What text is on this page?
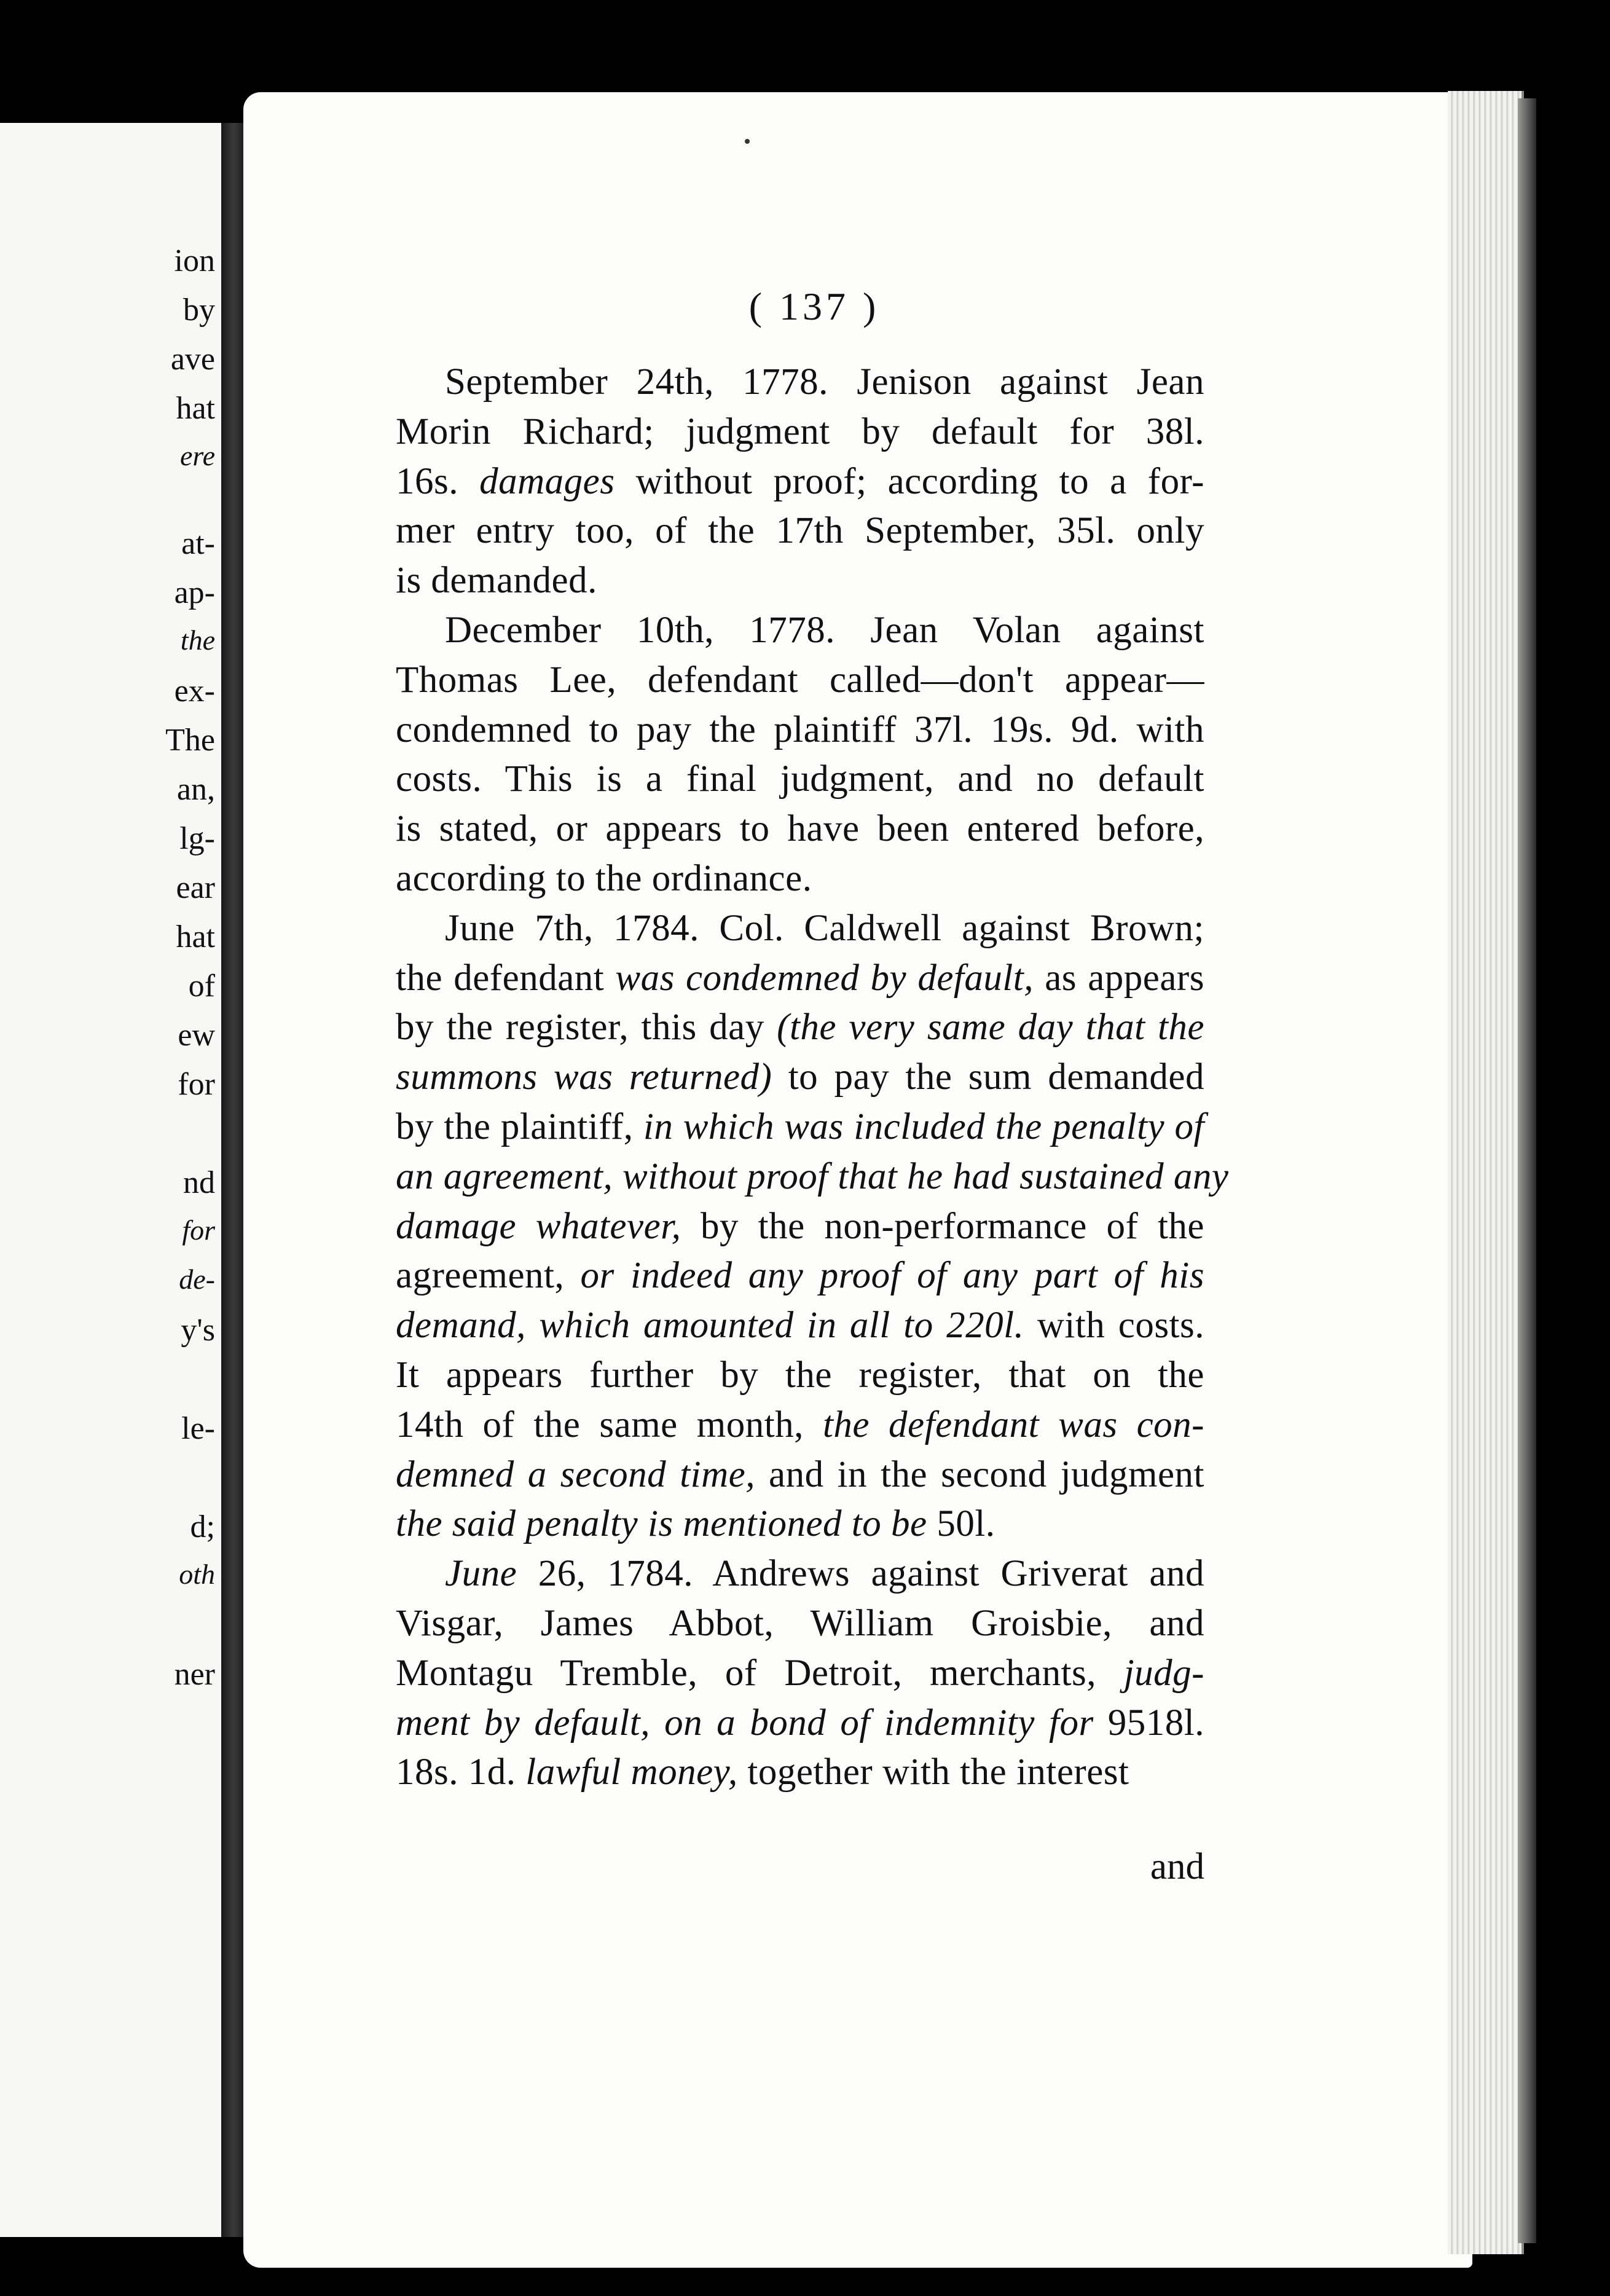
ion
by
ave
hat
ere
at-
ap-
the
ex-
The
an,
lg-
ear
hat
of
ew
for
nd
for
de-
y's
le-
d;
oth
ner
( 137 )
September 24th, 1778. Jenison against Jean
Morin Richard; judgment by default for 38l.
16s. damages without proof; according to a for-
mer entry too, of the 17th September, 35l. only
is demanded.
December 10th, 1778. Jean Volan against
Thomas Lee, defendant called—don't appear—
condemned to pay the plaintiff 37l. 19s. 9d. with
costs. This is a final judgment, and no default
is stated, or appears to have been entered before,
according to the ordinance.
June 7th, 1784. Col. Caldwell against Brown;
the defendant was condemned by default, as appears
by the register, this day (the very same day that the
summons was returned) to pay the sum demanded
by the plaintiff, in which was included the penalty of
an agreement, without proof that he had sustained any
damage whatever, by the non-performance of the
agreement, or indeed any proof of any part of his
demand, which amounted in all to 220l. with costs.
It appears further by the register, that on the
14th of the same month, the defendant was con-
demned a second time, and in the second judgment
the said penalty is mentioned to be 50l.
June 26, 1784. Andrews against Griverat and
Visgar, James Abbot, William Groisbie, and
Montagu Tremble, of Detroit, merchants, judg-
ment by default, on a bond of indemnity for 9518l.
18s. 1d. lawful money, together with the interest
and
